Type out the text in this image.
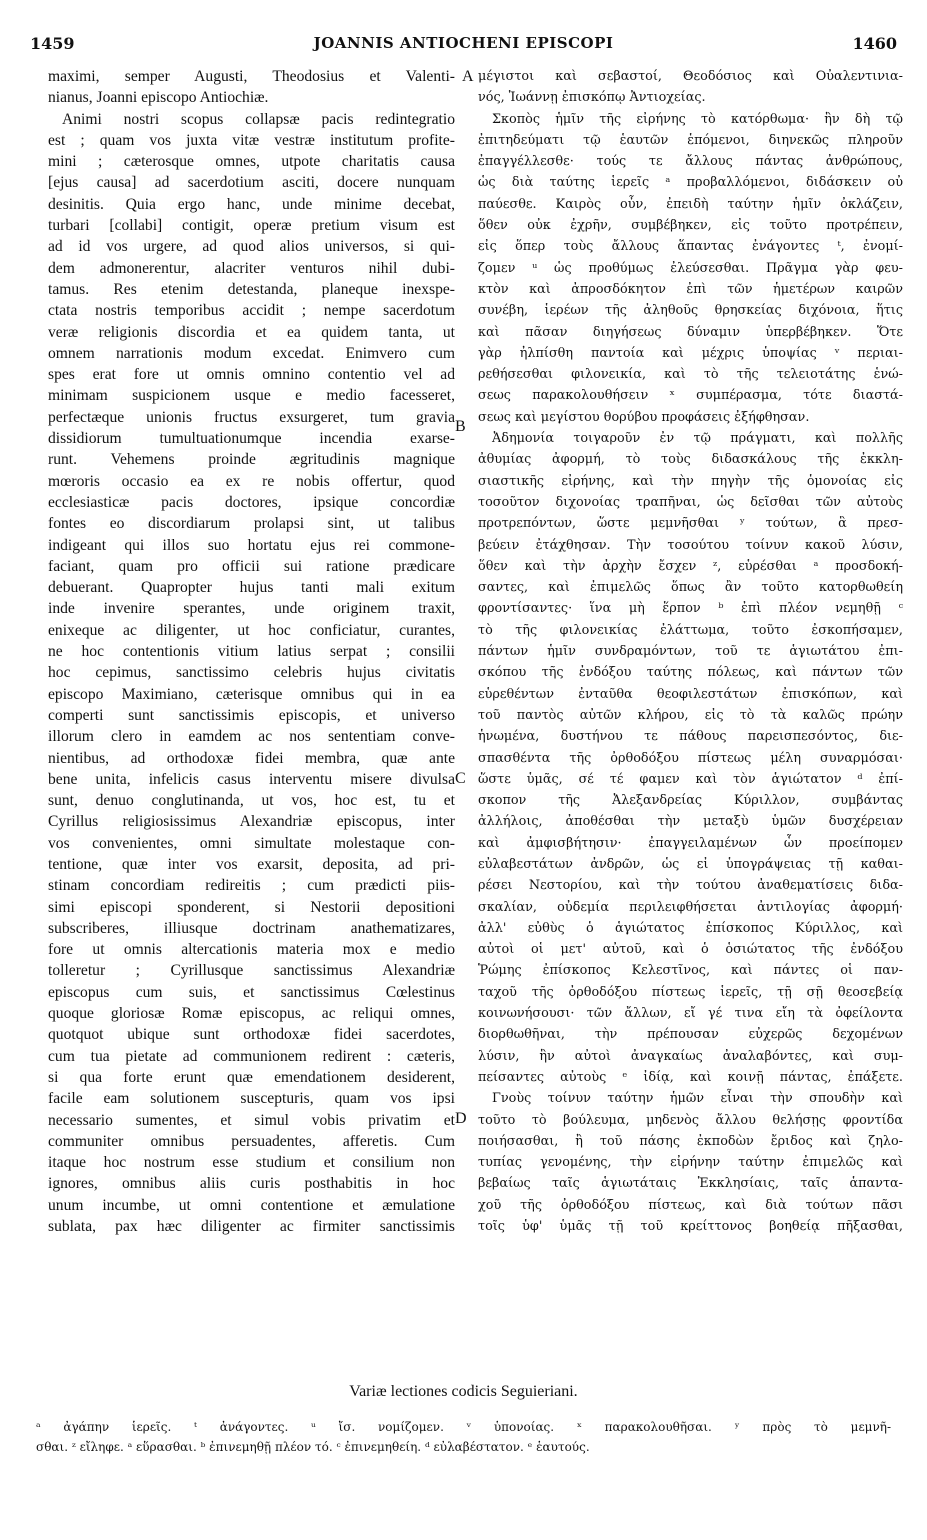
1459	JOANNIS ANTIOCHENI EPISCOPI	1460
maximi, semper Augusti, Theodosius et Valenti-
nianus, Joanni episcopo Antiochiæ.
Animi nostri scopus collapsæ pacis redintegratio
est ; quam vos juxta vitæ vestræ institutum profite-
mini ; cæterosque omnes, utpote charitatis causa
[ejus causa] ad sacerdotium asciti, docere nunquam
desinitis. Quia ergo hanc, unde minime decebat,
turbari [collabi] contigit, operæ pretium visum est
ad id vos urgere, ad quod alios universos, si qui-
dem admonerentur, alacriter venturos nihil dubi-
tamus. Res etenim detestanda, planeque inexspe-
ctata nostris temporibus accidit ; nempe sacerdotum
veræ religionis discordia et ea quidem tanta, ut
omnem narrationis modum excedat. Enimvero cum
spes erat fore ut omnis omnino contentio vel ad
minimam suspicionem usque e medio facesseret,
perfectæque unionis fructus exsurgeret, tum gravia
dissidiorum tumultuationumque incendia exarse-
runt. Vehemens proinde ægritudinis magnique
mœroris occasio ea ex re nobis offertur, quod
ecclesiasticæ pacis doctores, ipsique concordiæ
fontes eo discordiarum prolapsi sint, ut talibus
indigeant qui illos suo hortatu ejus rei commone-
faciant, quam pro officii sui ratione prædicare
debuerant. Quapropter hujus tanti mali exitum
inde invenire sperantes, unde originem traxit,
enixeque ac diligenter, ut hoc conficiatur, curantes,
ne hoc contentionis vitium latius serpat ; consilii
hoc cepimus, sanctissimo celebris hujus civitatis
episcopo Maximiano, cæterisque omnibus qui in ea
comperti sunt sanctissimis episcopis, et universo
illorum clero in eamdem ac nos sententiam conve-
nientibus, ad orthodoxæ fidei membra, quæ ante
bene unita, infelicis casus interventu misere divulsa
sunt, denuo conglutinanda, ut vos, hoc est, tu et
Cyrillus religiosissimus Alexandriæ episcopus, inter
vos convenientes, omni simultate molestaque con-
tentione, quæ inter vos exarsit, deposita, ad pri-
stinam concordiam redireitis ; cum prædicti piis-
simi episcopi sponderent, si Nestorii depositioni
subscriberes, illiusque doctrinam anathematizares,
fore ut omnis altercationis materia mox e medio
tolleretur ; Cyrillusque sanctissimus Alexandriæ
episcopus cum suis, et sanctissimus Cœlestinus
quoque gloriosæ Romæ episcopus, ac reliqui omnes,
quotquot ubique sunt orthodoxæ fidei sacerdotes,
cum tua pietate ad communionem redirent : cæteris,
si qua forte erunt quæ emendationem desiderent,
facile eam solutionem suscepturis, quam vos ipsi
necessario sumentes, et simul vobis privatim et
communiter omnibus persuadentes, afferetis. Cum
itaque hoc nostrum esse studium et consilium non
ignores, omnibus aliis curis posthabitis in hoc
unum incumbe, ut omni contentione et æmulatione
sublata, pax hæc diligenter ac firmiter sanctissimis
A
B
C
D
μέγιστοι καὶ σεβαστοί, Θεοδόσιος καὶ Οὐαλεντινια-
νός, Ἰωάννῃ ἐπισκόπῳ Ἀντιοχείας.
Σκοπὸς ἡμῖν τῆς εἰρήνης τὸ κατόρθωμα· ἣν δὴ τῷ
ἐπιτηδεύματι τῷ ἑαυτῶν ἑπόμενοι, διηνεκῶς πληροῦν
ἐπαγγέλλεσθε· τούς τε ἄλλους πάντας ἀνθρώπους,
ὡς διὰ ταύτης ἱερεῖς ᵃ προβαλλόμενοι, διδάσκειν οὐ
παύεσθε. Καιρὸς οὖν, ἐπειδὴ ταύτην ἡμῖν ὀκλάζειν,
ὅθεν οὐκ ἐχρῆν, συμβέβηκεν, εἰς τοῦτο προτρέπειν,
εἰς ὅπερ τοὺς ἄλλους ἅπαντας ἐνάγοντες ᵗ, ἐνομί-
ζομεν ᵘ ὡς προθύμως ἐλεύσεσθαι. Πρᾶγμα γὰρ φευ-
κτὸν καὶ ἀπροσδόκητον ἐπὶ τῶν ἡμετέρων καιρῶν
συνέβη, ἱερέων τῆς ἀληθοῦς θρησκείας διχόνοια, ἥτις
καὶ πᾶσαν διηγήσεως δύναμιν ὑπερβέβηκεν. Ὅτε
γὰρ ἠλπίσθη παντοία καὶ μέχρις ὑποψίας ᵛ περιαι-
ρεθήσεσθαι φιλονεικία, καὶ τὸ τῆς τελειοτάτης ἑνώ-
σεως παρακολουθήσειν ˣ συμπέρασμα, τότε διαστά-
σεως καὶ μεγίστου θορύβου προφάσεις ἐξήφθησαν.
Ἀδημονία τοιγαροῦν ἐν τῷ πράγματι, καὶ πολλῆς
ἀθυμίας ἀφορμή, τὸ τοὺς διδασκάλους τῆς ἐκκλη-
σιαστικῆς εἰρήνης, καὶ τὴν πηγὴν τῆς ὁμονοίας εἰς
τοσοῦτον διχονοίας τραπῆναι, ὡς δεῖσθαι τῶν αὐτοὺς
προτρεπόντων, ὥστε μεμνῆσθαι ʸ τούτων, ἃ πρεσ-
βεύειν ἐτάχθησαν. Τὴν τοσούτου τοίνυν κακοῦ λύσιν,
ὅθεν καὶ τὴν ἀρχὴν ἔσχεν ᶻ, εὑρέσθαι ᵃ προσδοκή-
σαντες, καὶ ἐπιμελῶς ὅπως ἂν τοῦτο κατορθωθείη
φροντίσαντες· ἵνα μὴ ἕρπον ᵇ ἐπὶ πλέον νεμηθῇ ᶜ
τὸ τῆς φιλονεικίας ἐλάττωμα, τοῦτο ἐσκοπήσαμεν,
πάντων ἡμῖν συνδραμόντων, τοῦ τε ἁγιωτάτου ἐπι-
σκόπου τῆς ἐνδόξου ταύτης πόλεως, καὶ πάντων τῶν
εὑρεθέντων ἐνταῦθα θεοφιλεστάτων ἐπισκόπων, καὶ
τοῦ παντὸς αὐτῶν κλήρου, εἰς τὸ τὰ καλῶς πρώην
ἡνωμένα, δυστήνου τε πάθους παρεισπεσόντος, διε-
σπασθέντα τῆς ὀρθοδόξου πίστεως μέλη συναρμόσαι·
ὥστε ὑμᾶς, σέ τέ φαμεν καὶ τὸν ἁγιώτατον ᵈ ἐπί-
σκοπον τῆς Ἀλεξανδρείας Κύριλλον, συμβάντας
ἀλλήλοις, ἀποθέσθαι τὴν μεταξὺ ὑμῶν δυσχέρειαν
καὶ ἀμφισβήτησιν· ἐπαγγειλαμένων ὧν προείπομεν
εὐλαβεστάτων ἀνδρῶν, ὡς εἰ ὑπογράψειας τῇ καθαι-
ρέσει Νεστορίου, καὶ τὴν τούτου ἀναθεματίσεις διδα-
σκαλίαν, οὐδεμία περιλειφθήσεται ἀντιλογίας ἀφορμή·
ἀλλ' εὐθὺς ὁ ἁγιώτατος ἐπίσκοπος Κύριλλος, καὶ
αὐτοὶ οἱ μετ' αὐτοῦ, καὶ ὁ ὁσιώτατος τῆς ἐνδόξου
Ῥώμης ἐπίσκοπος Κελεστῖνος, καὶ πάντες οἱ παν-
ταχοῦ τῆς ὀρθοδόξου πίστεως ἱερεῖς, τῇ σῇ θεοσεβείᾳ
κοινωνήσουσι· τῶν ἄλλων, εἴ γέ τινα εἴη τὰ ὀφείλοντα
διορθωθῆναι, τὴν πρέπουσαν εὐχερῶς δεχομένων
λύσιν, ἣν αὐτοὶ ἀναγκαίως ἀναλαβόντες, καὶ συμ-
πείσαντες αὐτοὺς ᵉ ἰδίᾳ, καὶ κοινῇ πάντας, ἐπάξετε.
Γνοὺς τοίνυν ταύτην ἡμῶν εἶναι τὴν σπουδὴν καὶ
τοῦτο τὸ βούλευμα, μηδενὸς ἄλλου θελήσῃς φροντίδα
ποιήσασθαι, ἢ τοῦ πάσης ἐκποδὼν ἔριδος καὶ ζηλο-
τυπίας γενομένης, τὴν εἰρήνην ταύτην ἐπιμελῶς καὶ
βεβαίως ταῖς ἁγιωτάταις Ἐκκλησίαις, ταῖς ἁπαντα-
χοῦ τῆς ὀρθοδόξου πίστεως, καὶ διὰ τούτων πᾶσι
τοῖς ὑφ' ὑμᾶς τῇ τοῦ κρείττονος βοηθείᾳ πῆξασθαι,
Variæ lectiones codicis Seguieriani.
ᵃ ἀγάπην ἱερεῖς. ᵗ ἀνάγοντες. ᵘ ἴσ. νομίζομεν. ᵛ ὑπονοίας. ˣ παρακολουθῆσαι. ʸ πρὸς τὸ μεμνῆ-
σθαι. ᶻ εἴληφε. ᵃ εὕρασθαι. ᵇ ἐπινεμηθῇ πλέον τό. ᶜ ἐπινεμηθείη. ᵈ εὐλαβέστατον. ᵉ ἑαυτούς.
